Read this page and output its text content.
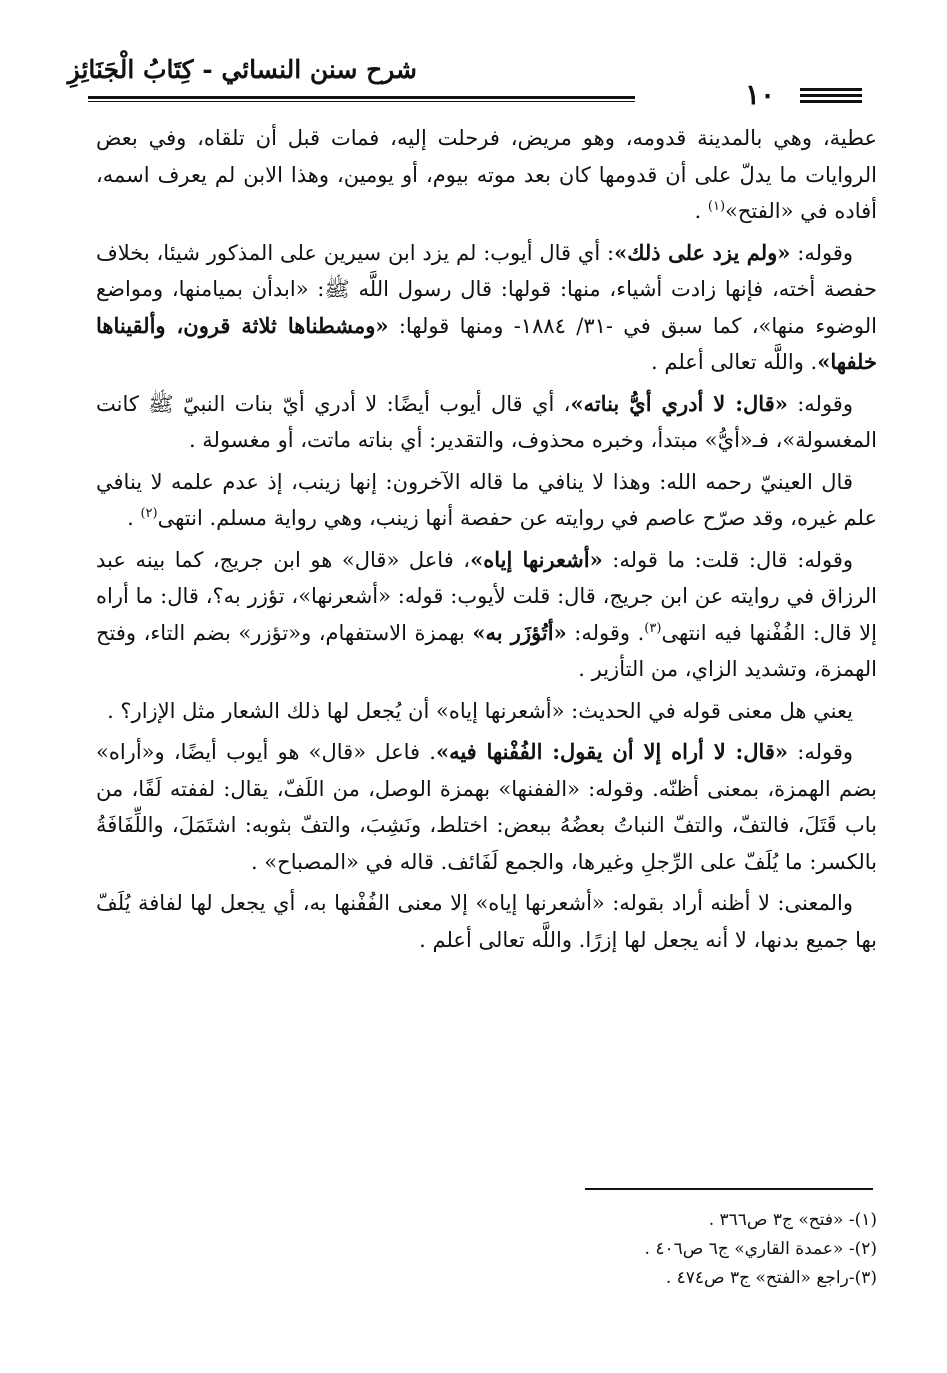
شرح سنن النسائي - كِتَابُ الْجَنَائِزِ
١٠

عطية، وهي بالمدينة قدومه، وهو مريض، فرحلت إليه، فمات قبل أن تلقاه، وفي بعض الروايات ما يدلّ على أن قدومها كان بعد موته بيوم، أو يومين، وهذا الابن لم يعرف اسمه، أفاده في «الفتح»$^{(١)}$ .

وقوله: «ولم يزد على ذلك»: أي قال أيوب: لم يزد ابن سيرين على المذكور شيئا، بخلاف حفصة أخته، فإنها زادت أشياء، منها: قولها: قال رسول اللَّه ﷺ: «ابدأن بميامنها، ومواضع الوضوء منها»، كما سبق في -٣١/ ١٨٨٤- ومنها قولها: «ومشطناها ثلاثة قرون، وألقيناها خلفها». واللَّه تعالى أعلم .

وقوله: «قال: لا أدري أيُّ بناته»، أي قال أيوب أيضًا: لا أدري أيّ بنات النبيّ ﷺ كانت المغسولة»، فـ«أيُّ» مبتدأ، وخبره محذوف، والتقدير: أي بناته ماتت، أو مغسولة .

قال العينيّ رحمه الله: وهذا لا ينافي ما قاله الآخرون: إنها زينب، إذ عدم علمه لا ينافي علم غيره، وقد صرّح عاصم في روايته عن حفصة أنها زينب، وهي رواية مسلم. انتهى$^{(٢)}$ .

وقوله: قال: قلت: ما قوله: «أشعرنها إياه»، فاعل «قال» هو ابن جريج، كما بينه عبد الرزاق في روايته عن ابن جريج، قال: قلت لأيوب: قوله: «أشعرنها»، تؤزر به؟، قال: ما أراه إلا قال: الفُفْنها فيه انتهى$^{(٣)}$. وقوله: «أتُؤزَر به» بهمزة الاستفهام، و«تؤزر» بضم التاء، وفتح الهمزة، وتشديد الزاي، من التأزير .

يعني هل معنى قوله في الحديث: «أشعرنها إياه» أن يُجعل لها ذلك الشعار مثل الإزار؟ .

وقوله: «قال: لا أراه إلا أن يقول: الفُفْنها فيه». فاعل «قال» هو أيوب أيضًا، و«أراه» بضم الهمزة، بمعنى أظنّه. وقوله: «الففنها» بهمزة الوصل، من اللَفّ، يقال: لففته لَفًا، من باب قَتَلَ، فالتفّ، والتفّ النباتُ بعضُهُ ببعض: اختلط، ونَشِبَ، والتفّ بثوبه: اشتَمَلَ، واللِّفَافَةُ بالكسر: ما يُلَفّ على الرِّجلِ وغيرها، والجمع لَفَائف. قاله في «المصباح» .

والمعنى: لا أظنه أراد بقوله: «أشعرنها إياه» إلا معنى الفُفْنها به، أي يجعل لها لفافة يُلَفّ بها جميع بدنها، لا أنه يجعل لها إزرًا. واللَّه تعالى أعلم .

(١)- «فتح» ج٣ ص٣٦٦ .

(٢)- «عمدة القاري» ج٦ ص٤٠٦ .

(٣)-راجع «الفتح» ج٣ ص٤٧٤ .
